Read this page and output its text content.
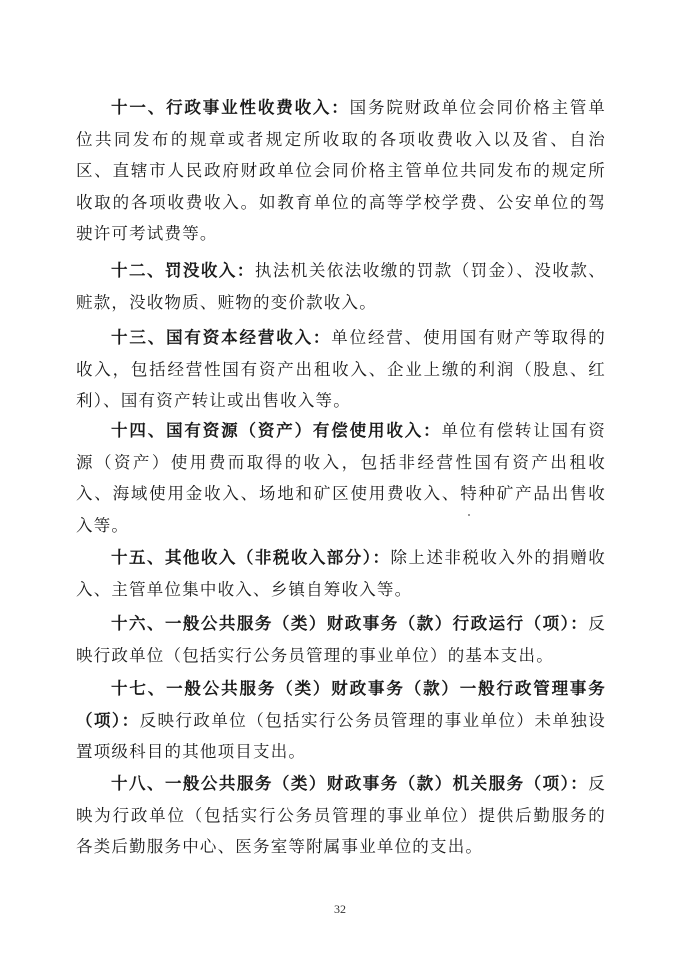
十一、行政事业性收费收入：国务院财政单位会同价格主管单位共同发布的规章或者规定所收取的各项收费收入以及省、自治区、直辖市人民政府财政单位会同价格主管单位共同发布的规定所收取的各项收费收入。如教育单位的高等学校学费、公安单位的驾驶许可考试费等。

十二、罚没收入：执法机关依法收缴的罚款（罚金）、没收款、赃款，没收物质、赃物的变价款收入。

十三、国有资本经营收入：单位经营、使用国有财产等取得的收入，包括经营性国有资产出租收入、企业上缴的利润（股息、红利）、国有资产转让或出售收入等。

十四、国有资源（资产）有偿使用收入：单位有偿转让国有资源（资产）使用费而取得的收入，包括非经营性国有资产出租收入、海域使用金收入、场地和矿区使用费收入、特种矿产品出售收入等。

十五、其他收入（非税收入部分）：除上述非税收入外的捐赠收入、主管单位集中收入、乡镇自筹收入等。

十六、一般公共服务（类）财政事务（款）行政运行（项）：反映行政单位（包括实行公务员管理的事业单位）的基本支出。

十七、一般公共服务（类）财政事务（款）一般行政管理事务（项）：反映行政单位（包括实行公务员管理的事业单位）未单独设置项级科目的其他项目支出。

十八、一般公共服务（类）财政事务（款）机关服务（项）：反映为行政单位（包括实行公务员管理的事业单位）提供后勤服务的各类后勤服务中心、医务室等附属事业单位的支出。

32
